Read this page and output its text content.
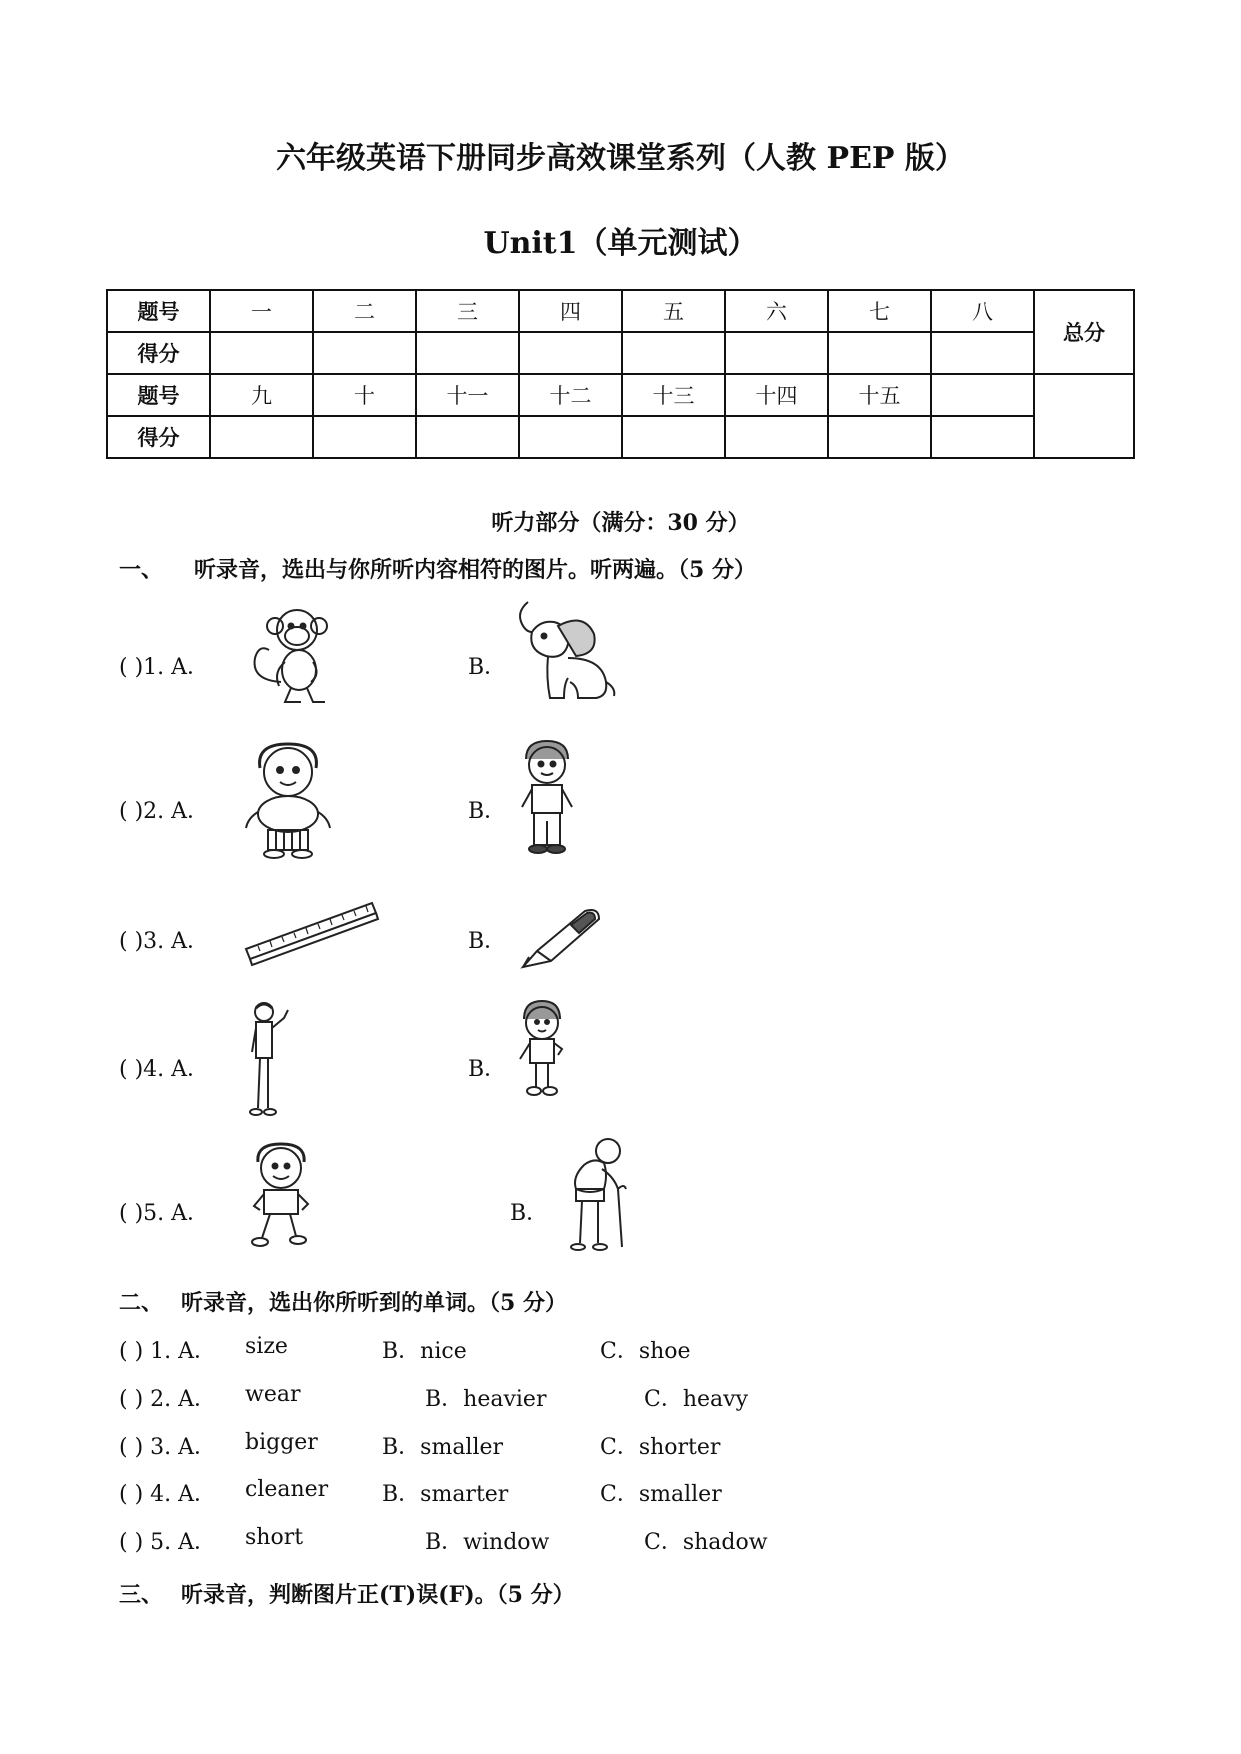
六年级英语下册同步高效课堂系列（人教 PEP 版）
Unit1（单元测试）
题号	一	二	三	四	五	六	七	八	总分
得分									
题号	九	十	十一	十二	十三	十四	十五		
得分									
听力部分（满分：30 分）
一、 听录音，选出与你所听内容相符的图片。听两遍。（5 分）
( )1. A．	B．
( )2. A．	B．
( )3. A．	B．
( )4. A．	B．
( )5. A．	B．
二、 听录音，选出你所听到的单词。（5 分）
( ) 1. A． size	B．nice	C．shoe
( ) 2. A． wear	B．heavier	C．heavy
( ) 3. A． bigger	B．smaller	C．shorter
( ) 4. A． cleaner B．smarter	C．smaller
( ) 5. A． short	B．window	C．shadow
三、 听录音，判断图片正(T)误(F)。（5 分）
